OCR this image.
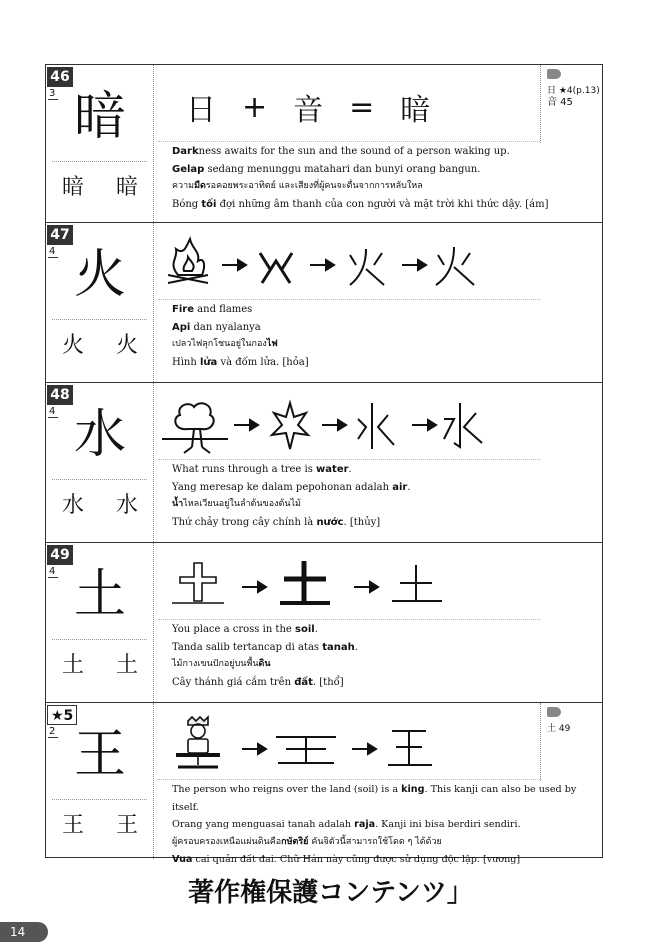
46
3 暗
暗 暗
日 + 音 = 暗
Darkness awaits for the sun and the sound of a person waking up.
Gelap sedang menunggu matahari dan bunyi orang bangun.
ความมืดรอคอยพระอาทิตย์ และเสียงที่ผู้คนจะตื่นจากการหลับใหล
Bóng tối đợi những âm thanh của con người và mặt trời khi thức dậy. [ám]
日 ★4(p.13)
音 45
47
4 火
火 火
Fire and flames
Api dan nyalanya
เปลวไฟลุกโชนอยู่ในกองไฟ
Hình lửa và đốm lửa. [hỏa]
48
4 水
水 水
What runs through a tree is water.
Yang meresap ke dalam pepohonan adalah air.
น้ำไหลเวียนอยู่ในลำต้นของต้นไม้
Thứ chảy trong cây chính là nước. [thủy]
49
4 土
土 土
You place a cross in the soil.
Tanda salib tertancap di atas tanah.
ไม้กางเขนปักอยู่บนพื้นดิน
Cây thánh giá cắm trên đất. [thổ]
★5
2 王
王 王
The person who reigns over the land (soil) is a king. This kanji can also be used by itself.
Orang yang menguasai tanah adalah raja. Kanji ini bisa berdiri sendiri.
ผู้ครอบครองเหนือแผ่นดินคือกษัตริย์ คันจิตัวนี้สามารถใช้โดด ๆ ได้ด้วย
Vua cai quản đất đai. Chữ Hán này cũng được sử dụng độc lập. [vương]
土 49
著作権保護コンテンツ」
14
